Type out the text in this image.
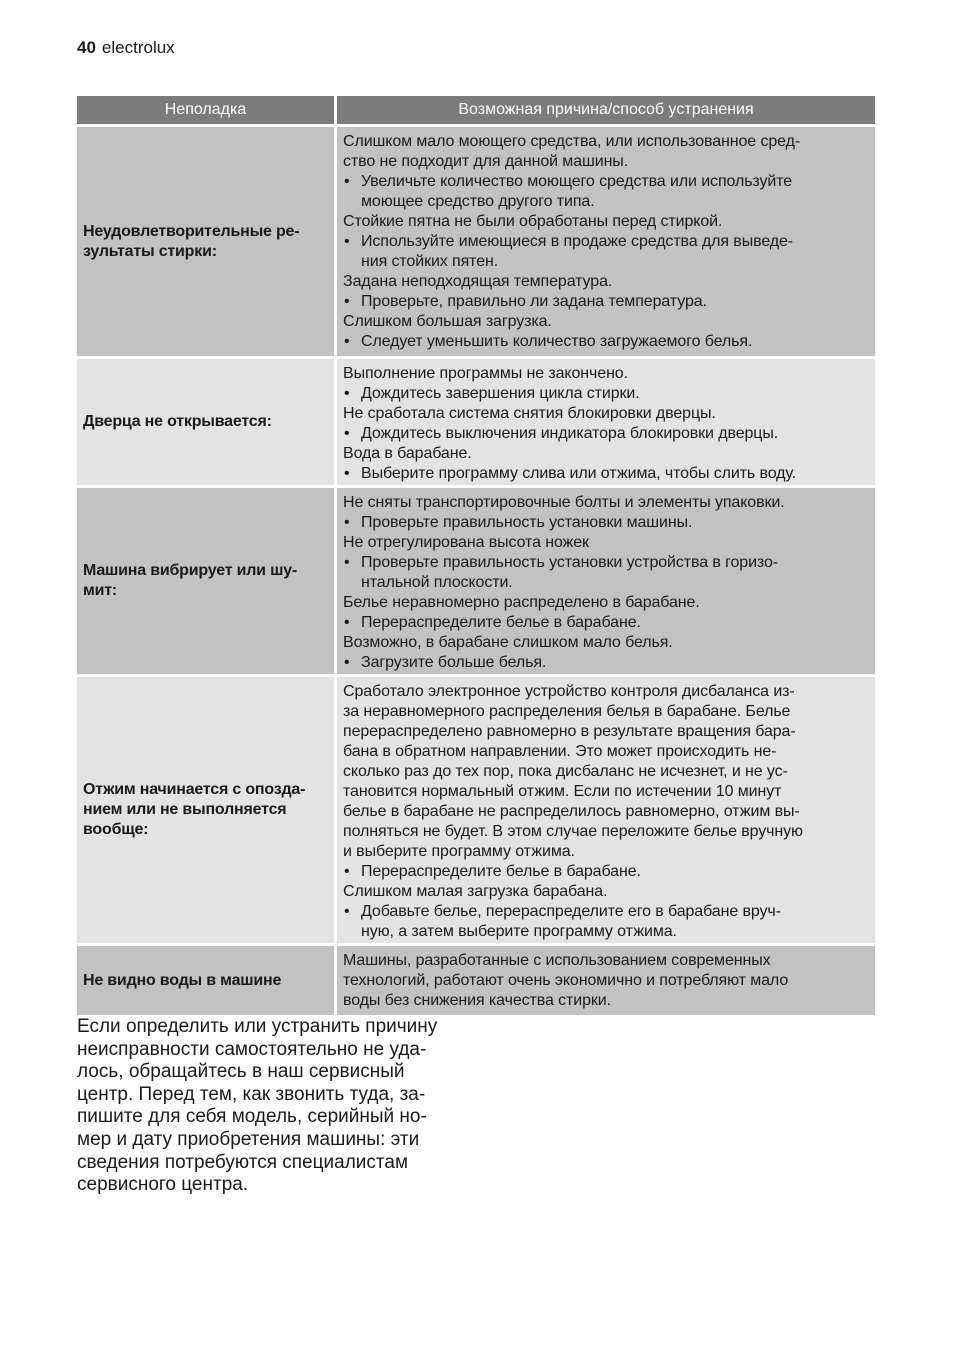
40 electrolux
Неполадка	Возможная причина/способ устранения
Неудовлетворительные ре-
зультаты стирки:
Слишком мало моющего средства, или использованное сред-
ство не подходит для данной машины.
• Увеличьте количество моющего средства или используйте
моющее средство другого типа.
Стойкие пятна не были обработаны перед стиркой.
• Используйте имеющиеся в продаже средства для выведе-
ния стойких пятен.
Задана неподходящая температура.
• Проверьте, правильно ли задана температура.
Слишком большая загрузка.
• Следует уменьшить количество загружаемого белья.
Дверца не открывается:
Выполнение программы не закончено.
• Дождитесь завершения цикла стирки.
Не сработала система снятия блокировки дверцы.
• Дождитесь выключения индикатора блокировки дверцы.
Вода в барабане.
• Выберите программу слива или отжима, чтобы слить воду.
Машина вибрирует или шу-
мит:
Не сняты транспортировочные болты и элементы упаковки.
• Проверьте правильность установки машины.
Не отрегулирована высота ножек
• Проверьте правильность установки устройства в горизо-
нтальной плоскости.
Белье неравномерно распределено в барабане.
• Перераспределите белье в барабане.
Возможно, в барабане слишком мало белья.
• Загрузите больше белья.
Отжим начинается с опозда-
нием или не выполняется
вообще:
Сработало электронное устройство контроля дисбаланса из-
за неравномерного распределения белья в барабане. Белье
перераспределено равномерно в результате вращения бара-
бана в обратном направлении. Это может происходить не-
сколько раз до тех пор, пока дисбаланс не исчезнет, и не ус-
тановится нормальный отжим. Если по истечении 10 минут
белье в барабане не распределилось равномерно, отжим вы-
полняться не будет. В этом случае переложите белье вручную
и выберите программу отжима.
• Перераспределите белье в барабане.
Слишком малая загрузка барабана.
• Добавьте белье, перераспределите его в барабане вруч-
ную, а затем выберите программу отжима.
Не видно воды в машине
Машины, разработанные с использованием современных
технологий, работают очень экономично и потребляют мало
воды без снижения качества стирки.
Если определить или устранить причину
неисправности самостоятельно не уда-
лось, обращайтесь в наш сервисный
центр. Перед тем, как звонить туда, за-
пишите для себя модель, серийный но-
мер и дату приобретения машины: эти
сведения потребуются специалистам
сервисного центра.
